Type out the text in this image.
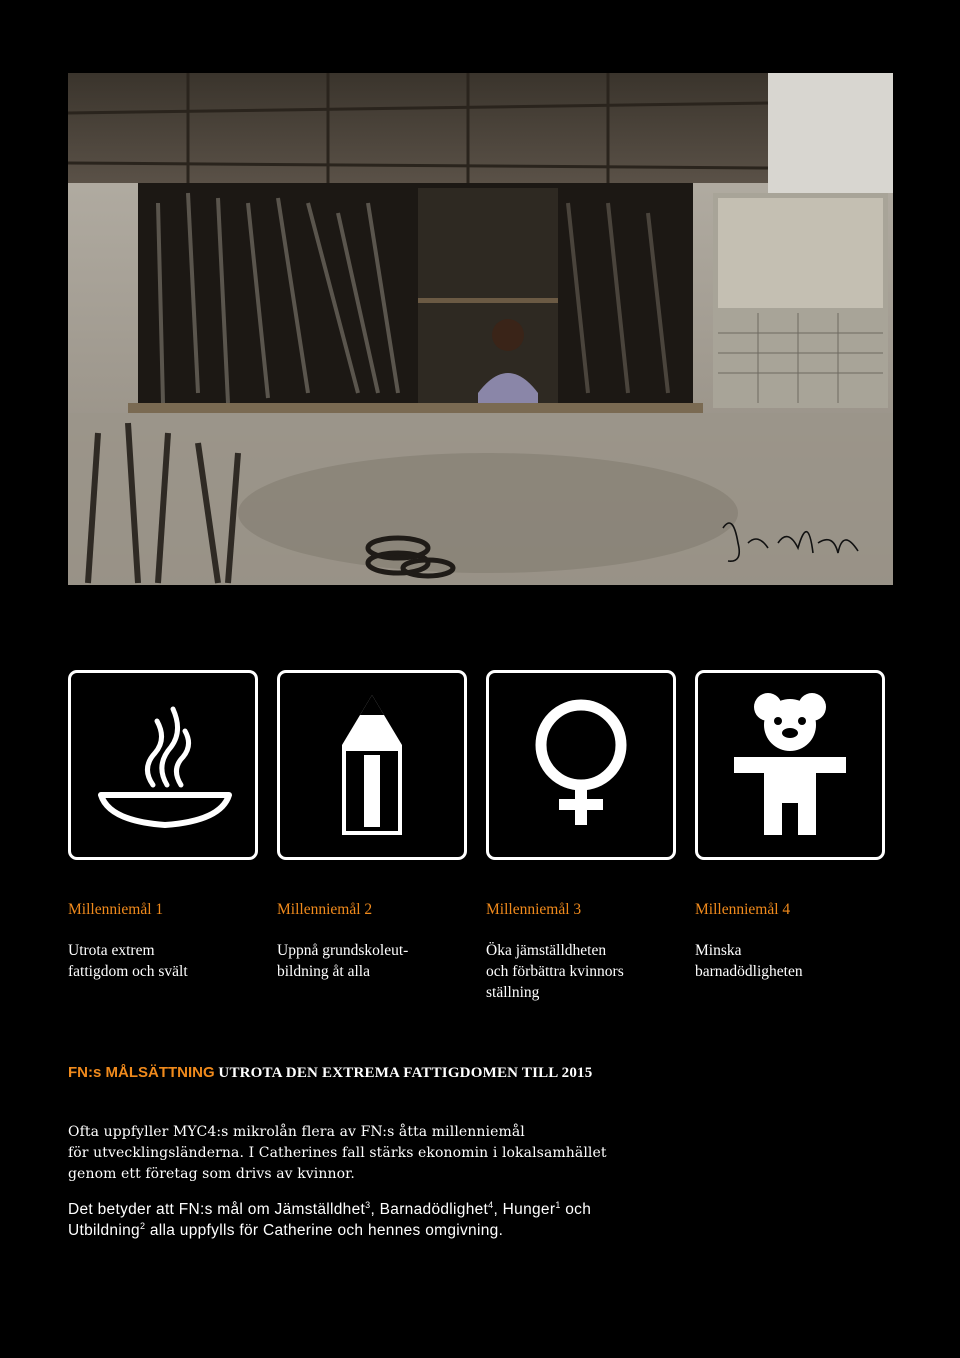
Millenniemål 1

Utrota extrem
fattigdom och svält

Millenniemål 2

Uppnå grundskoleut-
bildning åt alla

Millenniemål 3

Öka jämställdheten
och förbättra kvinnors
ställning

Millenniemål 4

Minska
barnadödligheten

FN:s MÅLSÄTTNING UTROTA DEN EXTREMA FATTIGDOMEN TILL 2015

Ofta uppfyller MYC4:s mikrolån flera av FN:s åtta millenniemål
för utvecklingsländerna. I Catherines fall stärks ekonomin i lokalsamhället
genom ett företag som drivs av kvinnor.

Det betyder att FN:s mål om Jämställdhet$^3$, Barnadödlighet$^4$, Hunger$^1$ och
Utbildning$^2$ alla uppfylls för Catherine och hennes omgivning.
